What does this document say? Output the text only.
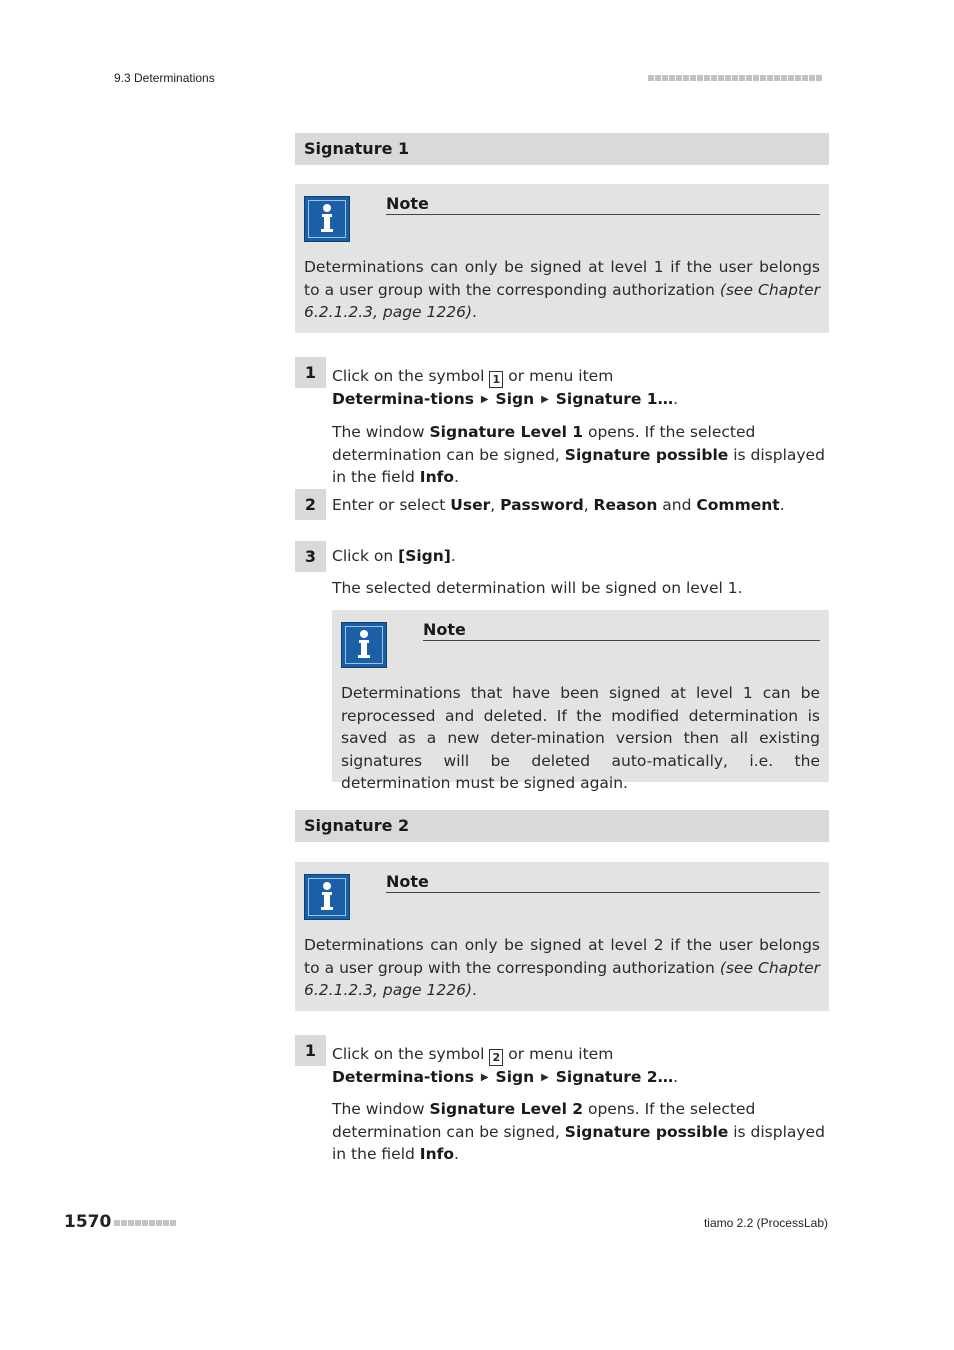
9.3 Determinations
Signature 1
Note
Determinations can only be signed at level 1 if the user belongs to a user group with the corresponding authorization (see Chapter 6.2.1.2.3, page 1226).
1	Click on the symbol 1 or menu item Determina-tions ▶ Sign ▶ Signature 1….
The window Signature Level 1 opens. If the selected determination can be signed, Signature possible is displayed in the field Info.
2	Enter or select User, Password, Reason and Comment.
3	Click on [Sign].
The selected determination will be signed on level 1.
Note
Determinations that have been signed at level 1 can be reprocessed and deleted. If the modified determination is saved as a new deter-mination version then all existing signatures will be deleted auto-matically, i.e. the determination must be signed again.
Signature 2
Note
Determinations can only be signed at level 2 if the user belongs to a user group with the corresponding authorization (see Chapter 6.2.1.2.3, page 1226).
1	Click on the symbol 2 or menu item Determina-tions ▶ Sign ▶ Signature 2….
The window Signature Level 2 opens. If the selected determination can be signed, Signature possible is displayed in the field Info.
1570	tiamo 2.2 (ProcessLab)
